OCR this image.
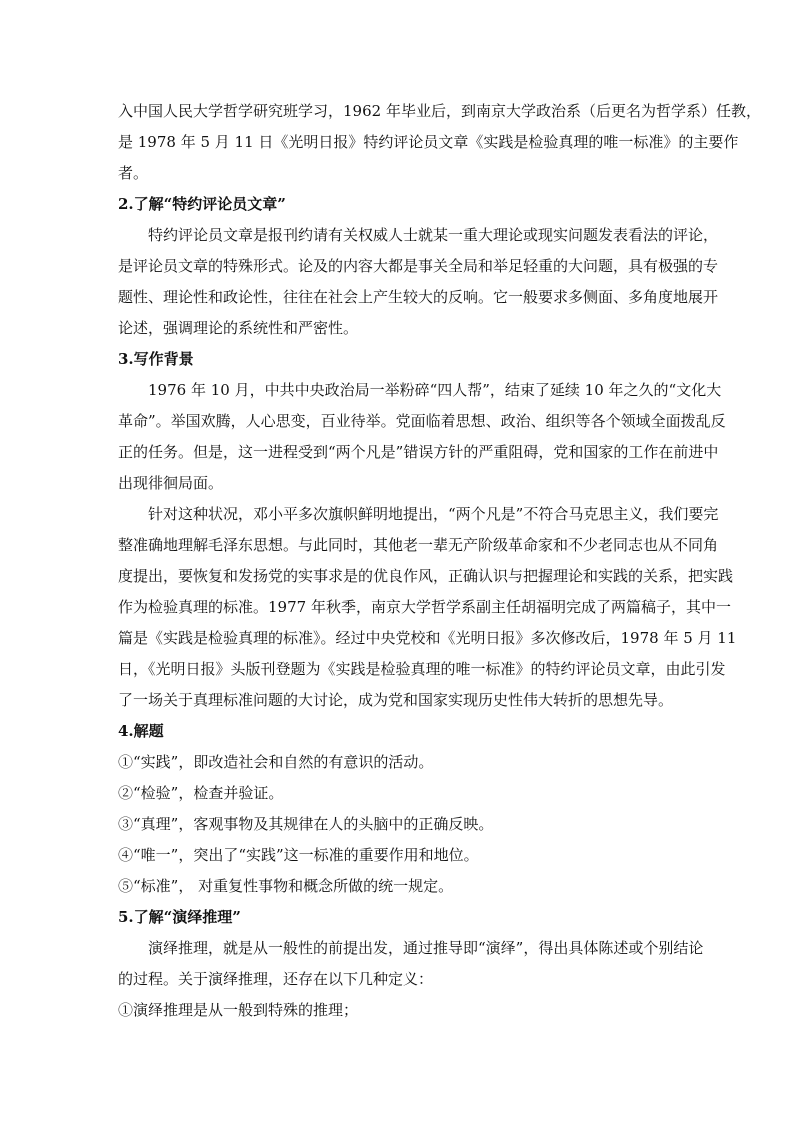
入中国人民大学哲学研究班学习，1962 年毕业后，到南京大学政治系（后更名为哲学系）任教，
是 1978 年 5 月 11 日《光明日报》特约评论员文章《实践是检验真理的唯一标准》的主要作
者。
2.了解“特约评论员文章”
特约评论员文章是报刊约请有关权威人士就某一重大理论或现实问题发表看法的评论，
是评论员文章的特殊形式。论及的内容大都是事关全局和举足轻重的大问题，具有极强的专
题性、理论性和政论性，往往在社会上产生较大的反响。它一般要求多侧面、多角度地展开
论述，强调理论的系统性和严密性。
3.写作背景
1976 年 10 月，中共中央政治局一举粉碎“四人帮”，结束了延续 10 年之久的“文化大
革命”。举国欢腾，人心思变，百业待举。党面临着思想、政治、组织等各个领域全面拨乱反
正的任务。但是，这一进程受到“两个凡是”错误方针的严重阻碍，党和国家的工作在前进中
出现徘徊局面。
针对这种状况，邓小平多次旗帜鲜明地提出，“两个凡是”不符合马克思主义，我们要完
整准确地理解毛泽东思想。与此同时，其他老一辈无产阶级革命家和不少老同志也从不同角
度提出，要恢复和发扬党的实事求是的优良作风，正确认识与把握理论和实践的关系，把实践
作为检验真理的标准。1977 年秋季，南京大学哲学系副主任胡福明完成了两篇稿子，其中一
篇是《实践是检验真理的标准》。经过中央党校和《光明日报》多次修改后，1978 年 5 月 11
日，《光明日报》头版刊登题为《实践是检验真理的唯一标准》的特约评论员文章，由此引发
了一场关于真理标准问题的大讨论，成为党和国家实现历史性伟大转折的思想先导。
4.解题
①“实践”，即改造社会和自然的有意识的活动。
②“检验”，检查并验证。
③“真理”，客观事物及其规律在人的头脑中的正确反映。
④“唯一”，突出了“实践”这一标准的重要作用和地位。
⑤“标准”， 对重复性事物和概念所做的统一规定。
5.了解“演绎推理”
演绎推理，就是从一般性的前提出发，通过推导即“演绎”，得出具体陈述或个别结论
的过程。关于演绎推理，还存在以下几种定义：
①演绎推理是从一般到特殊的推理；
